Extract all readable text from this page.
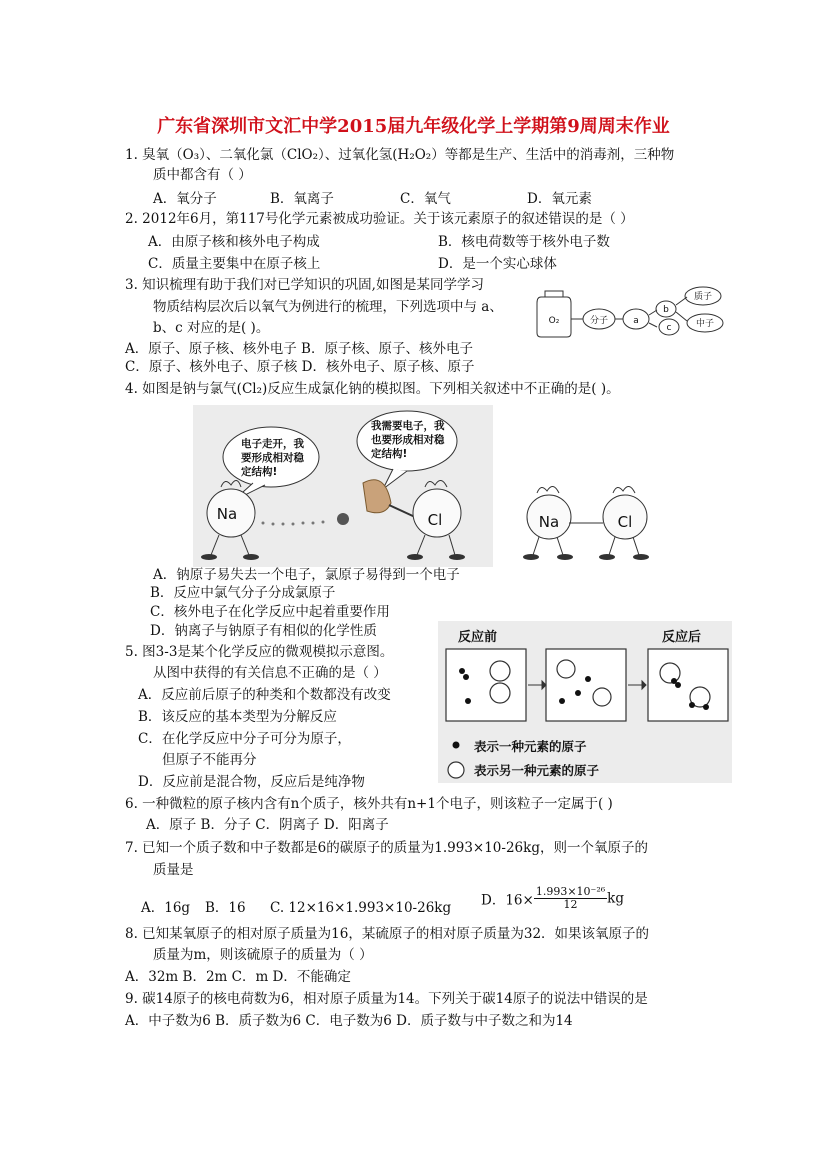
广东省深圳市文汇中学2015届九年级化学上学期第9周周末作业
1. 臭氧（O₃）、二氧化氯（ClO₂）、过氧化氢(H₂O₂）等都是生产、生活中的消毒剂，三种物
质中都含有（ ）
A．氧分子	B．氧离子	C．氧气	D．氧元素
2. 2012年6月，第117号化学元素被成功验证。关于该元素原子的叙述错误的是（ ）
A．由原子核和核外电子构成	B．核电荷数等于核外电子数
C．质量主要集中在原子核上	D．是一个实心球体
3. 知识梳理有助于我们对已学知识的巩固,如图是某同学学习
物质结构层次后以氧气为例进行的梳理，下列选项中与 a、
b、c 对应的是( )。
A．原子、原子核、核外电子 B．原子核、原子、核外电子
C．原子、核外电子、原子核 D．核外电子、原子核、原子
O₂	分子	a
b
c
质子
中子
4. 如图是钠与氯气(Cl₂)反应生成氯化钠的模拟图。下列相关叙述中不正确的是( )。
电子走开，我
要形成相对稳
定结构!
我需要电子，我
也要形成相对稳
定结构!
Na	Cl	Na	Cl
A．钠原子易失去一个电子，氯原子易得到一个电子
B．反应中氯气分子分成氯原子
C．核外电子在化学反应中起着重要作用
D．钠离子与钠原子有相似的化学性质
5. 图3-3是某个化学反应的微观模拟示意图。
从图中获得的有关信息不正确的是（ ）
A．反应前后原子的种类和个数都没有改变
B．该反应的基本类型为分解反应
C．在化学反应中分子可分为原子，
但原子不能再分
D．反应前是混合物，反应后是纯净物
反应前	反应后
表示一种元素的原子
表示另一种元素的原子
6. 一种微粒的原子核内含有n个质子，核外共有n+1个电子，则该粒子一定属于( )
A．原子 B．分子 C．阴离子 D．阳离子
7. 已知一个质子数和中子数都是6的碳原子的质量为1.993×10-26kg，则一个氧原子的
质量是
A．16g B．16 C. 12×16×1.993×10-26kg D．$16\times \frac{\text{1.993×10⁻²⁶}}{12}$ kg
8. 已知某氧原子的相对原子质量为16，某硫原子的相对原子质量为32．如果该氧原子的
质量为m，则该硫原子的质量为（ ）
A．32m B．2m C．m D．不能确定
9. 碳14原子的核电荷数为6，相对原子质量为14。下列关于碳14原子的说法中错误的是
A．中子数为6 B．质子数为6 C．电子数为6 D．质子数与中子数之和为14
